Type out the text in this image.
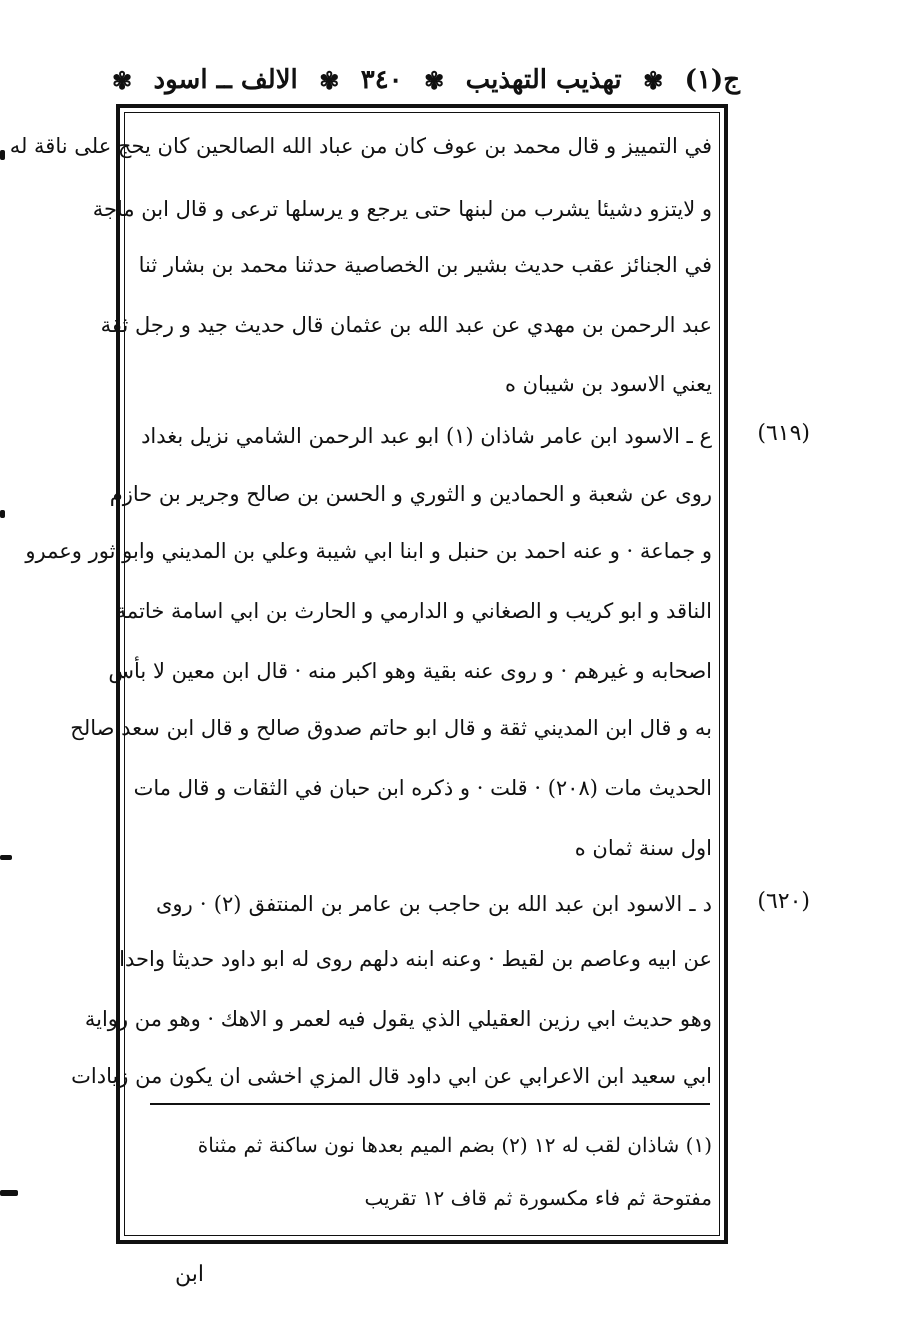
ج(١)
✾
تهذيب التهذيب
✾
٣٤٠
✾
الالف ــ اسود
✾
في التمييز و قال محمد بن عوف كان من عباد الله الصالحين كان يحج على ناقة له
و لايتزو دشيئا يشرب من لبنها حتى يرجع و يرسلها ترعى و قال ابن ماجة
في الجنائز عقب حديث بشير بن الخصاصية حدثنا محمد بن بشار ثنا
عبد الرحمن بن مهدي عن عبد الله بن عثمان قال حديث جيد و رجل ثقة
يعني الاسود بن شيبان ه
(٦١٩)
ع ـ الاسود ابن عامر شاذان (١) ابو عبد الرحمن الشامي نزيل بغداد
روى عن شعبة و الحمادين و الثوري و الحسن بن صالح وجرير بن حازم
و جماعة · و عنه احمد بن حنبل و ابنا ابي شيبة وعلي بن المديني وابو ثور وعمرو
الناقد و ابو كريب و الصغاني و الدارمي و الحارث بن ابي اسامة خاتمة
اصحابه و غيرهم · و روى عنه بقية وهو اكبر منه · قال ابن معين لا بأس
به و قال ابن المديني ثقة و قال ابو حاتم صدوق صالح و قال ابن سعد صالح
الحديث مات (٢٠٨) · قلت · و ذكره ابن حبان في الثقات و قال مات
اول سنة ثمان ه
(٦٢٠)
د ـ الاسود ابن عبد الله بن حاجب بن عامر بن المنتفق (٢) · روى
عن ابيه وعاصم بن لقيط · وعنه ابنه دلهم روى له ابو داود حديثا واحدا
وهو حديث ابي رزين العقيلي الذي يقول فيه لعمر و الاهك · وهو من رواية
ابي سعيد ابن الاعرابي عن ابي داود قال المزي اخشى ان يكون من زيادات
(١) شاذان لقب له ١٢ (٢) بضم الميم بعدها نون ساكنة ثم مثناة
مفتوحة ثم فاء مكسورة ثم قاف ١٢ تقريب
ابن
